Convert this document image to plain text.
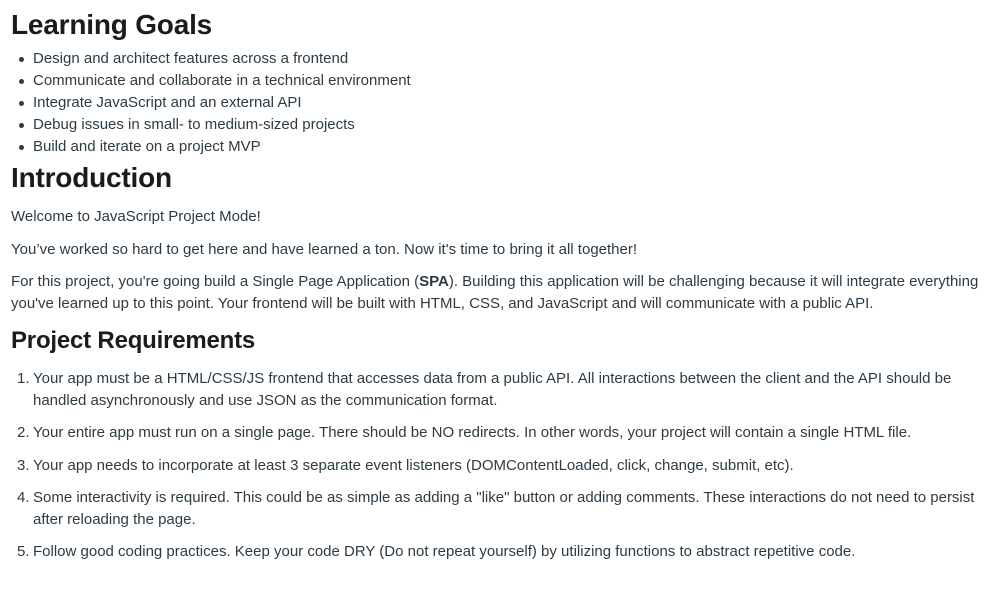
Learning Goals
Design and architect features across a frontend
Communicate and collaborate in a technical environment
Integrate JavaScript and an external API
Debug issues in small- to medium-sized projects
Build and iterate on a project MVP
Introduction

Welcome to JavaScript Project Mode!

You’ve worked so hard to get here and have learned a ton. Now it's time to bring it all together!

For this project, you're going build a Single Page Application (SPA). Building this application will be challenging because it will integrate everything you've learned up to this point. Your frontend will be built with HTML, CSS, and JavaScript and will communicate with a public API.

Project Requirements
1. Your app must be a HTML/CSS/JS frontend that accesses data from a public API. All interactions between the client and the API should be handled asynchronously and use JSON as the communication format.
2. Your entire app must run on a single page. There should be NO redirects. In other words, your project will contain a single HTML file.
3. Your app needs to incorporate at least 3 separate event listeners (DOMContentLoaded, click, change, submit, etc).
4. Some interactivity is required. This could be as simple as adding a "like" button or adding comments. These interactions do not need to persist after reloading the page.
5. Follow good coding practices. Keep your code DRY (Do not repeat yourself) by utilizing functions to abstract repetitive code.
